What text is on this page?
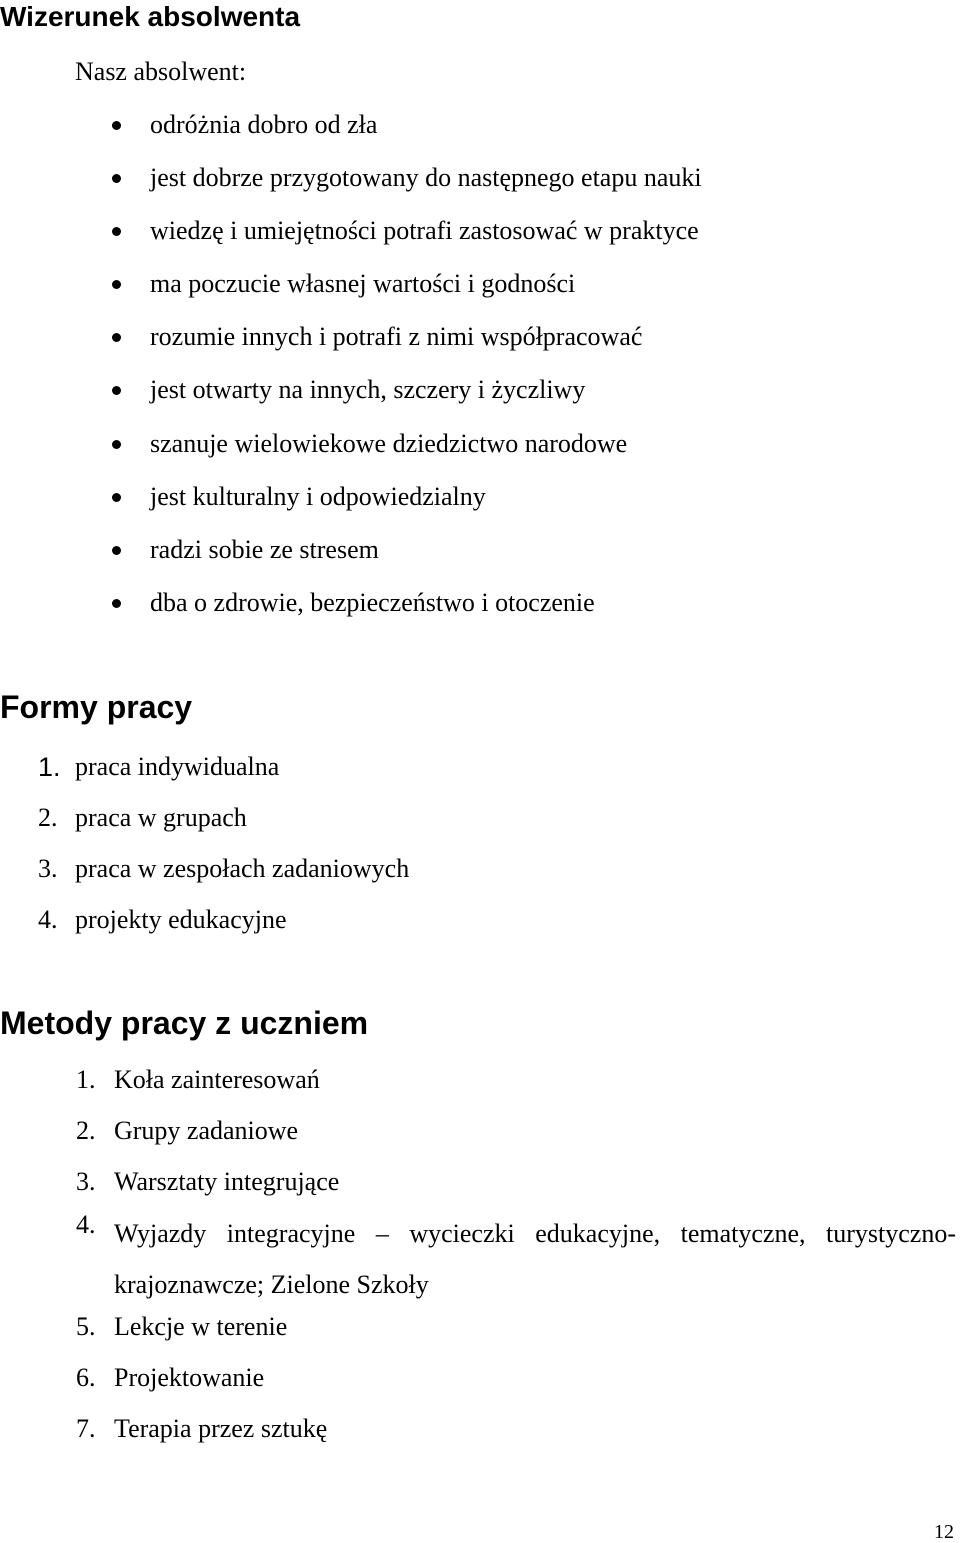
Wizerunek absolwenta
Nasz absolwent:
odróżnia dobro od zła
jest dobrze przygotowany do następnego etapu nauki
wiedzę i umiejętności potrafi zastosować w praktyce
ma poczucie własnej wartości i godności
rozumie innych i potrafi z nimi współpracować
jest otwarty na innych, szczery i życzliwy
szanuje wielowiekowe dziedzictwo narodowe
jest kulturalny i odpowiedzialny
radzi sobie ze stresem
dba o zdrowie, bezpieczeństwo i otoczenie
Formy pracy
1. praca indywidualna
2. praca w grupach
3. praca w zespołach zadaniowych
4. projekty edukacyjne
Metody pracy z uczniem
1. Koła zainteresowań
2. Grupy zadaniowe
3. Warsztaty integrujące
4. Wyjazdy integracyjne – wycieczki edukacyjne, tematyczne, turystyczno-krajoznawcze; Zielone Szkoły
5. Lekcje w terenie
6. Projektowanie
7. Terapia przez sztukę
12
